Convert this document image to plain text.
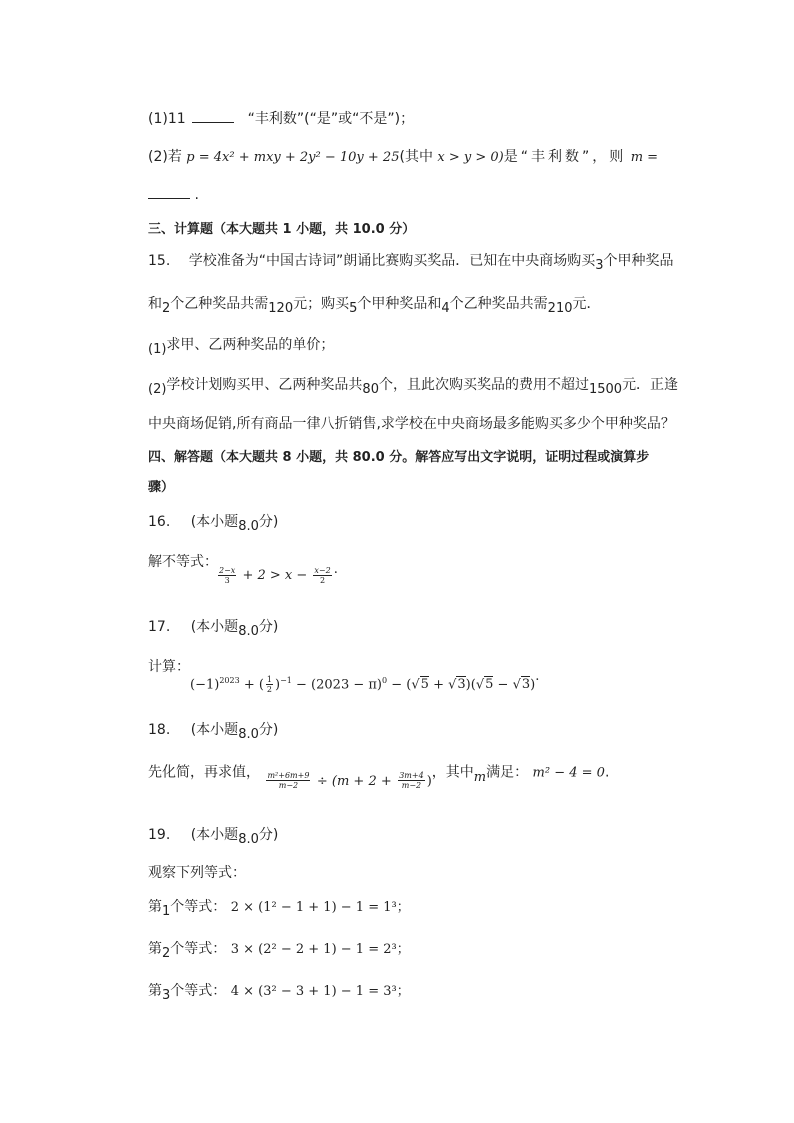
(1)11	“丰利数”(“是”或“不是”)；
(2)若 p = 4x² + mxy + 2y² − 10y + 25(其中 x > y > 0)是“丰利数”，则 m =
.
三、计算题（本大题共 1 小题，共 10.0 分）
15. 学校准备为“中国古诗词”朗诵比赛购买奖品．已知在中央商场购买3个甲种奖品
和2个乙种奖品共需120元；购买5个甲种奖品和4个乙种奖品共需210元．
(1)求甲、乙两种奖品的单价；
(2)学校计划购买甲、乙两种奖品共80个，且此次购买奖品的费用不超过1500元．正逢
中央商场促销,所有商品一律八折销售,求学校在中央商场最多能购买多少个甲种奖品？
四、解答题（本大题共 8 小题，共 80.0 分。解答应写出文字说明，证明过程或演算步
骤）
16. (本小题8.0分)
解不等式：
$\frac{2-x}{3} + 2 > x - \frac{x-2}{2}$ .
17. (本小题8.0分)
计算：
$(-1)^{2023}$ + ( $\frac{1}{2} )^{-1} - (2023 - \pi)^0 - (√5 + √3)(√5 - √3)$.
18. (本小题8.0分)
先化简，再求值， $\frac{\text{m²+6m+9}}{m-2} \div (m + 2 + \frac{3m+4}{m-2}$ )，其中m满足： m² − 4 = 0.
19. (本小题8.0分)
观察下列等式：
第1个等式： 2 × (1² − 1 + 1) − 1 = 1³；
第2个等式： 3 × (2² − 2 + 1) − 1 = 2³；
第3个等式： 4 × (3² − 3 + 1) − 1 = 3³；
